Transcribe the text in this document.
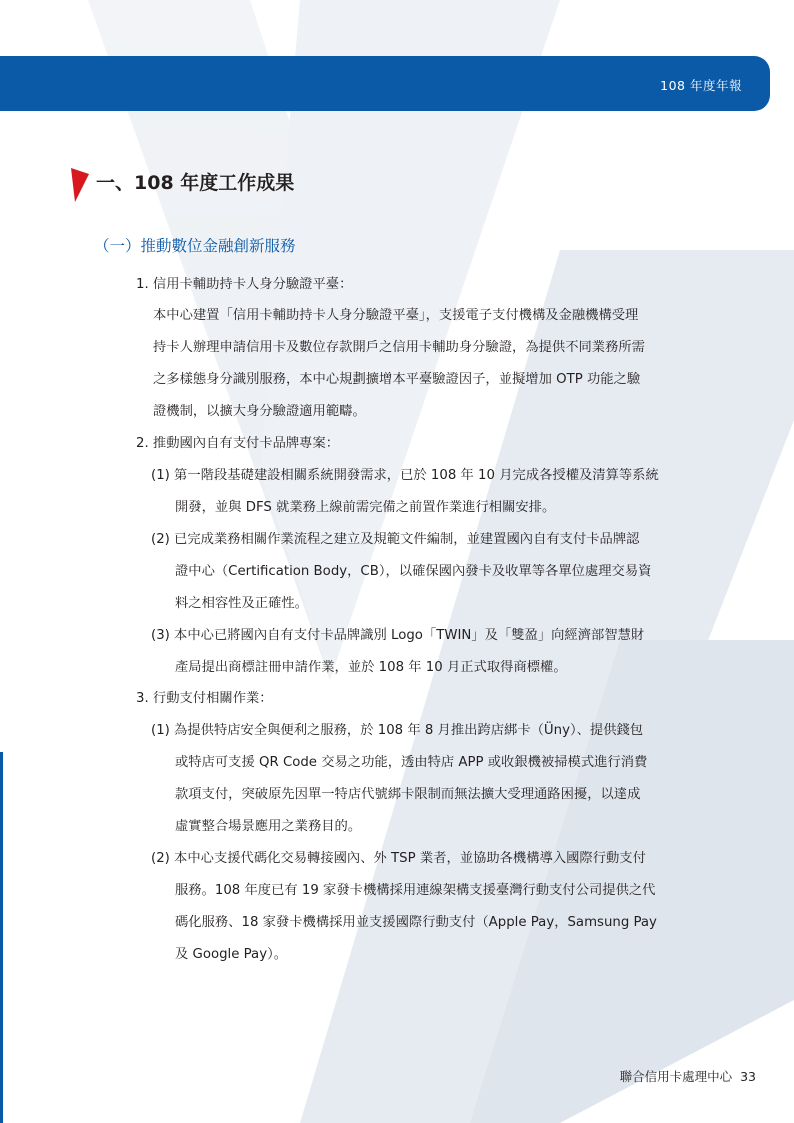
108 年度年報
一、108 年度工作成果
（一）推動數位金融創新服務
1. 信用卡輔助持卡人身分驗證平臺：
本中心建置「信用卡輔助持卡人身分驗證平臺」，支援電子支付機構及金融機構受理
持卡人辦理申請信用卡及數位存款開戶之信用卡輔助身分驗證，為提供不同業務所需
之多樣態身分識別服務，本中心規劃擴增本平臺驗證因子，並擬增加 OTP 功能之驗
證機制，以擴大身分驗證適用範疇。
2. 推動國內自有支付卡品牌專案：
(1) 第一階段基礎建設相關系統開發需求，已於 108 年 10 月完成各授權及清算等系統
開發，並與 DFS 就業務上線前需完備之前置作業進行相關安排。
(2) 已完成業務相關作業流程之建立及規範文件編制，並建置國內自有支付卡品牌認
證中心（Certification Body，CB），以確保國內發卡及收單等各單位處理交易資
料之相容性及正確性。
(3) 本中心已將國內自有支付卡品牌識別 Logo「TWIN」及「雙盈」向經濟部智慧財
產局提出商標註冊申請作業，並於 108 年 10 月正式取得商標權。
3. 行動支付相關作業：
(1) 為提供特店安全與便利之服務，於 108 年 8 月推出跨店綁卡（Üny）、提供錢包
或特店可支援 QR Code 交易之功能，透由特店 APP 或收銀機被掃模式進行消費
款項支付，突破原先因單一特店代號綁卡限制而無法擴大受理通路困擾，以達成
虛實整合場景應用之業務目的。
(2) 本中心支援代碼化交易轉接國內、外 TSP 業者，並協助各機構導入國際行動支付
服務。108 年度已有 19 家發卡機構採用連線架構支援臺灣行動支付公司提供之代
碼化服務、18 家發卡機構採用並支援國際行動支付（Apple Pay，Samsung Pay
及 Google Pay）。
聯合信用卡處理中心 33
